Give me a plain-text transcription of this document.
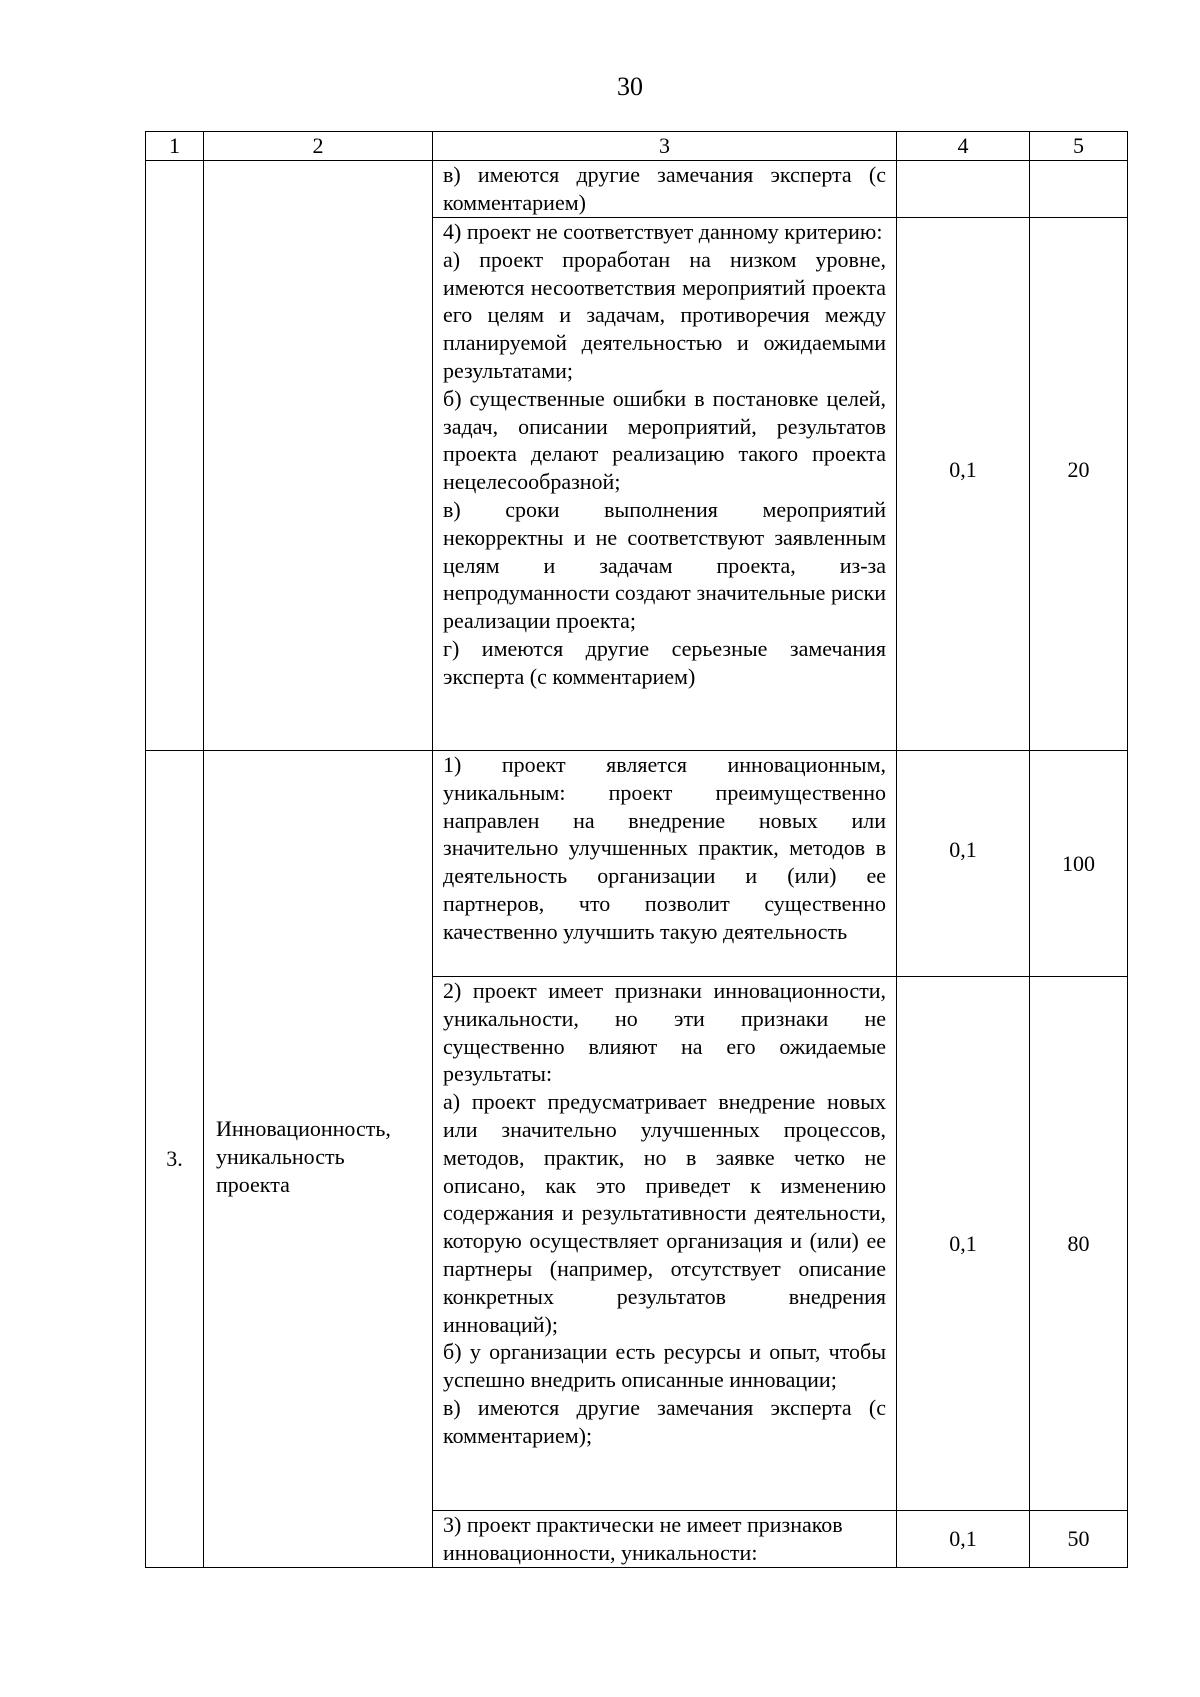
30
1	2	3	4	5
		в) имеются другие замечания эксперта (с комментарием)		

		4) проект не соответствует данному критерию:

а) проект проработан на низком уровне, имеются несоответствия мероприятий проекта его целям и задачам, противоречия между планируемой деятельностью и ожидаемыми результатами;

б) существенные ошибки в постановке целей, задач, описании мероприятий, результатов проекта делают реализацию такого проекта нецелесообразной;

в) сроки выполнения мероприятий некорректны и не соответствуют заявленным целям и задачам проекта, из-за непродуманности создают значительные риски реализации проекта;

г) имеются другие серьезные замечания эксперта (с комментарием)	0,1	20
3.	Инновационность, уникальность проекта	1) проект является инновационным, уникальным: проект преимущественно направлен на внедрение новых или значительно улучшенных практик, методов в деятельность организации и (или) ее партнеров, что позволит существенно качественно улучшить такую деятельность	0,1	100

		2) проект имеет признаки инновационности, уникальности, но эти признаки не существенно влияют на его ожидаемые результаты:

а) проект предусматривает внедрение новых или значительно улучшенных процессов, методов, практик, но в заявке четко не описано, как это приведет к изменению содержания и результативности деятельности, которую осуществляет организация и (или) ее партнеры (например, отсутствует описание конкретных результатов внедрения инноваций);

б) у организации есть ресурсы и опыт, чтобы успешно внедрить описанные инновации;

в) имеются другие замечания эксперта (с комментарием);	0,1	80
		3) проект практически не имеет признаков инновационности, уникальности:	0,1	50
